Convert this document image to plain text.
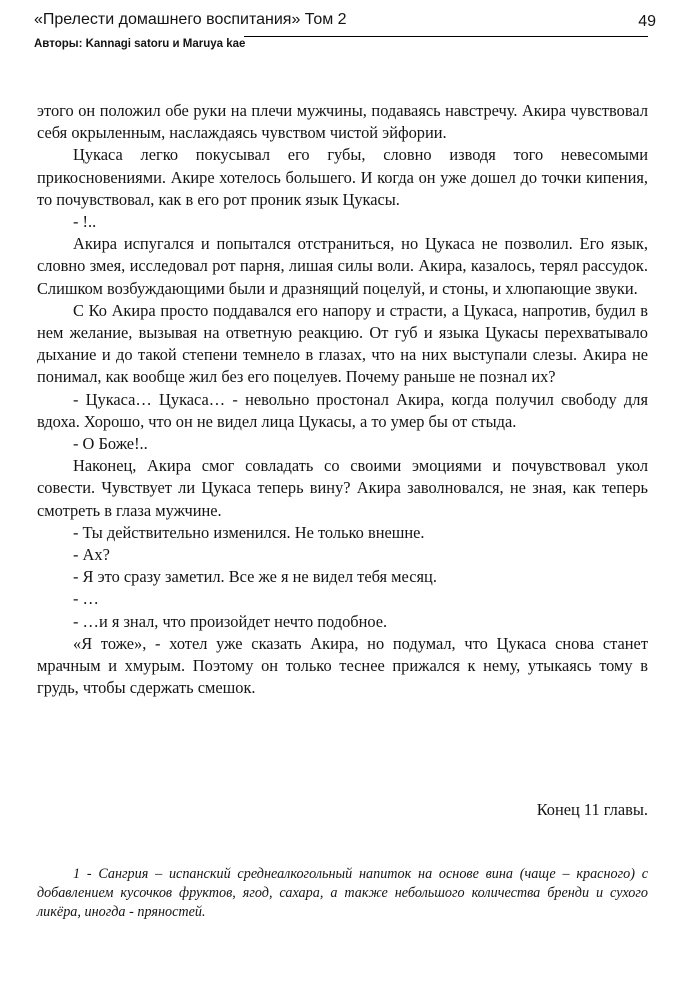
«Прелести домашнего воспитания» Том 2	49
Авторы: Kannagi satoru и Maruya kae

этого он положил обе руки на плечи мужчины, подаваясь навстречу. Акира чувствовал себя окрыленным, наслаждаясь чувством чистой эйфории.

Цукаса легко покусывал его губы, словно изводя того невесомыми прикосновениями. Акире хотелось большего. И когда он уже дошел до точки кипения, то почувствовал, как в его рот проник язык Цукасы.

- !..

Акира испугался и попытался отстраниться, но Цукаса не позволил. Его язык, словно змея, исследовал рот парня, лишая силы воли. Акира, казалось, терял рассудок. Слишком возбуждающими были и дразнящий поцелуй, и стоны, и хлюпающие звуки.

С Ко Акира просто поддавался его напору и страсти, а Цукаса, напротив, будил в нем желание, вызывая на ответную реакцию. От губ и языка Цукасы перехватывало дыхание и до такой степени темнело в глазах, что на них выступали слезы. Акира не понимал, как вообще жил без его поцелуев. Почему раньше не познал их?

- Цукаса… Цукаса… - невольно простонал Акира, когда получил свободу для вдоха. Хорошо, что он не видел лица Цукасы, а то умер бы от стыда.

- О Боже!..

Наконец, Акира смог совладать со своими эмоциями и почувствовал укол совести. Чувствует ли Цукаса теперь вину? Акира заволновался, не зная, как теперь смотреть в глаза мужчине.

- Ты действительно изменился. Не только внешне.

- Ах?

- Я это сразу заметил. Все же я не видел тебя месяц.

- …

- …и я знал, что произойдет нечто подобное.

«Я тоже», - хотел уже сказать Акира, но подумал, что Цукаса снова станет мрачным и хмурым. Поэтому он только теснее прижался к нему, утыкаясь тому в грудь, чтобы сдержать смешок.

Конец 11 главы.

1 - Сангрия – испанский среднеалкогольный напиток на основе вина (чаще – красного) с добавлением кусочков фруктов, ягод, сахара, а также небольшого количества бренди и сухого ликёра, иногда - пряностей.
